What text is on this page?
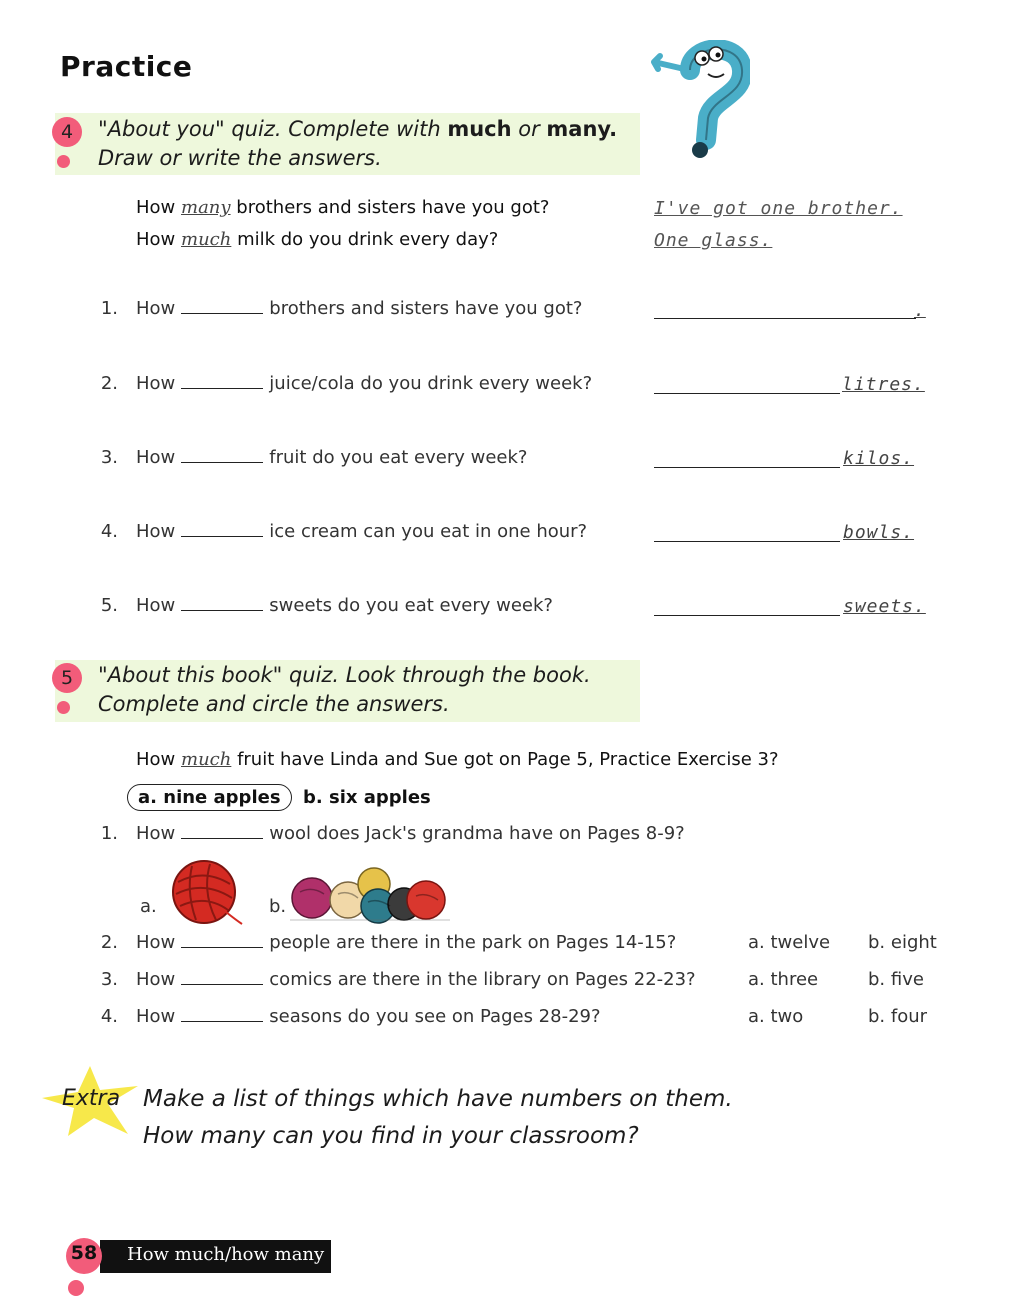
Practice
4	"About you" quiz. Complete with much or many.
Draw or write the answers.
How many brothers and sisters have you got?	I've got one brother.
How much milk do you drink every day?	One glass.
1. How	brothers and sisters have you got?	.
2. How	juice/cola do you drink every week?	litres.
3. How	fruit do you eat every week?	kilos.
4. How	ice cream can you eat in one hour?	bowls.
5. How	sweets do you eat every week?	sweets.
5	"About this book" quiz. Look through the book.
Complete and circle the answers.
How much fruit have Linda and Sue got on Page 5, Practice Exercise 3?
a. nine apples	b. six apples
1. How	wool does Jack's grandma have on Pages 8-9?
a.	b.
2. How	people are there in the park on Pages 14-15?	a. twelve b. eight
3. How	comics are there in the library on Pages 22-23?	a. three	b. five
4. How	seasons do you see on Pages 28-29?	a. two	b. four
Extra Make a list of things which have numbers on them.
How many can you find in your classroom?
How much/how many
58
